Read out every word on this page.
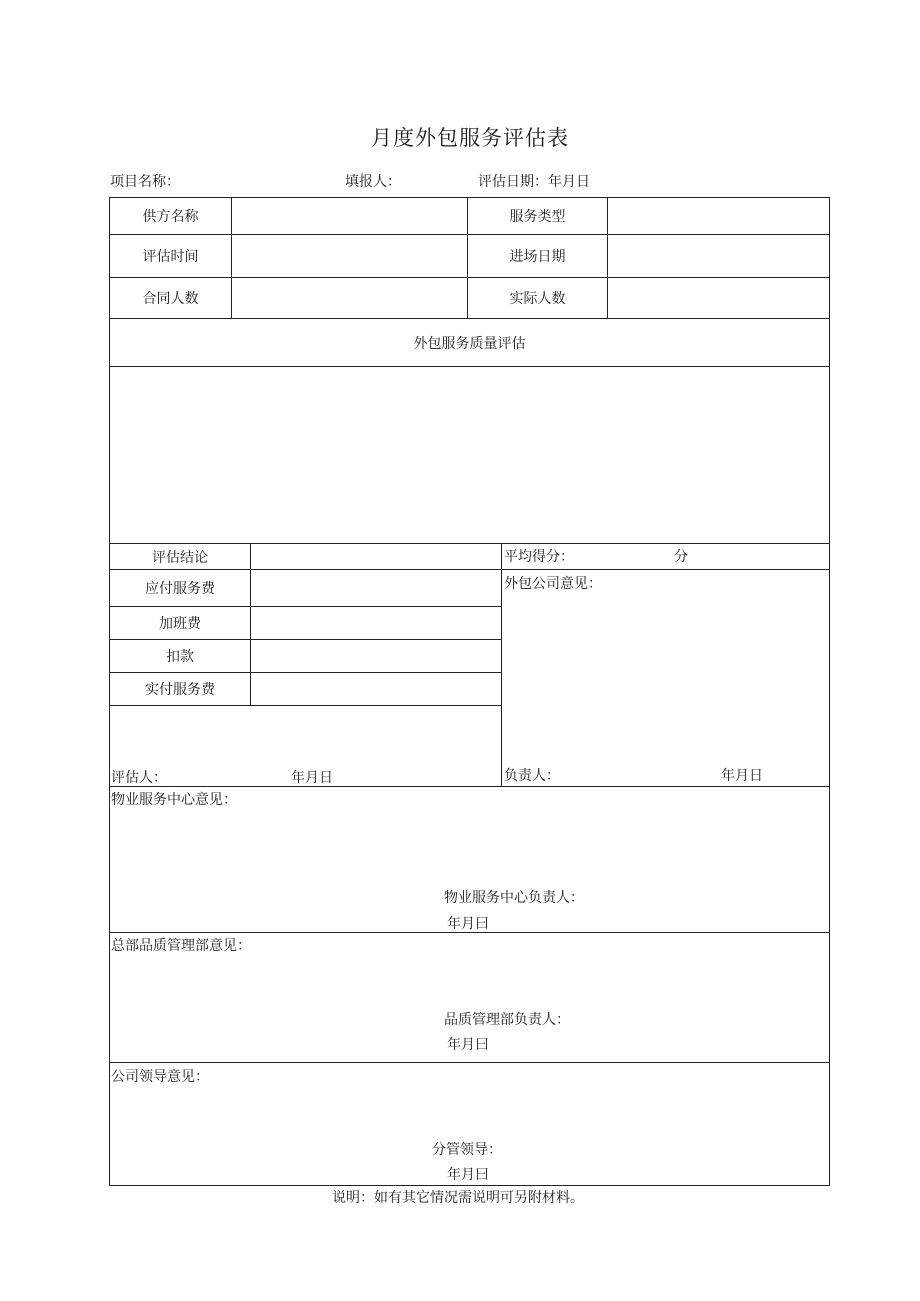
月度外包服务评估表
项目名称：	填报人：	评估日期：年月日
供方名称	服务类型
评估时间	进场日期
合同人数	实际人数
外包服务质量评估
评估结论	平均得分：	分
应付服务费	外包公司意见：
加班费
扣款
实付服务费
评估人：	年月日	负责人：	年月日
物业服务中心意见：
物业服务中心负责人：
年月曰
总部品质管理部意见：
品质管理部负责人：
年月曰
公司领导意见：
分管领导：
年月曰
说明：如有其它情况需说明可另附材料。
